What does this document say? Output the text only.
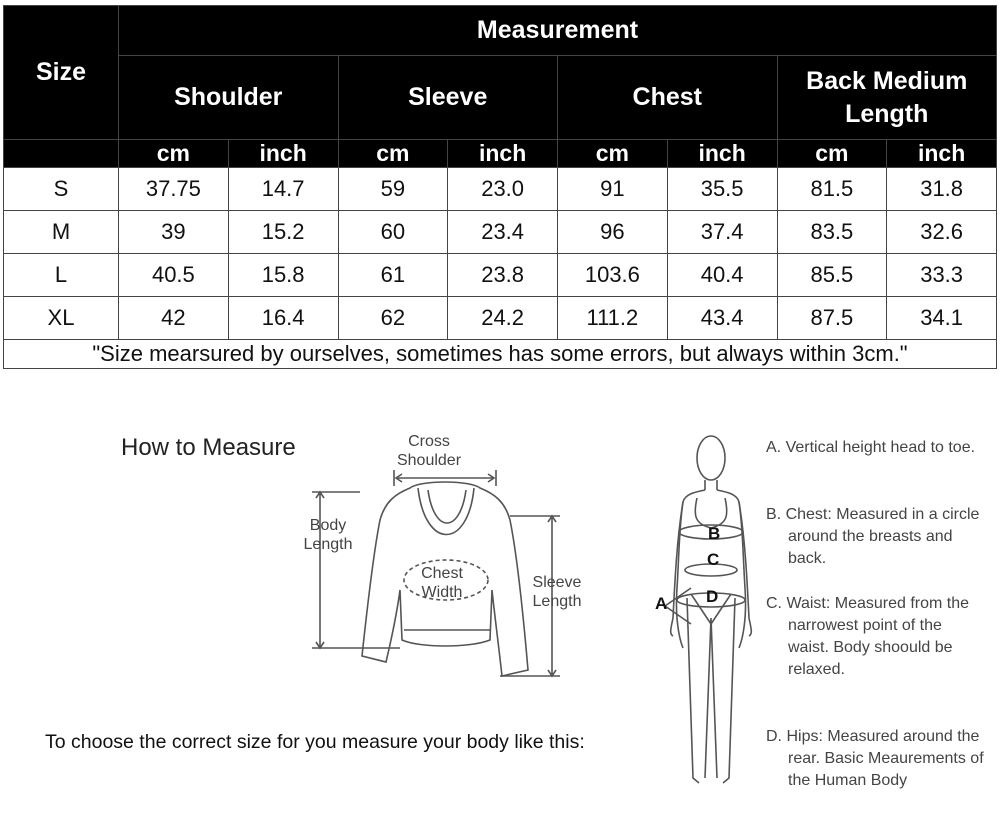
Size	Measurement							
	Shoulder		Sleeve		Chest		Back Medium Length	
	cm	inch	cm	inch	cm	inch	cm	inch
S	37.75	14.7	59	23.0	91	35.5	81.5	31.8
M	39	15.2	60	23.4	96	37.4	83.5	32.6
L	40.5	15.8	61	23.8	103.6	40.4	85.5	33.3
XL	42	16.4	62	24.2	111.2	43.4	87.5	34.1
"Size mearsured by ourselves, sometimes has some errors, but always within 3cm."								
How to Measure	Cross
Shoulder
Body
Length
Chest
Width
Sleeve
Length
To choose the correct size for you measure your body like this:
B
C
D
A
A. Vertical height head to toe.
B. Chest: Measured in a circle around the breasts and back.
C. Waist: Measured from the narrowest point of the waist. Body shoould be relaxed.
D. Hips: Measured around the rear. Basic Meaurements of the Human Body
